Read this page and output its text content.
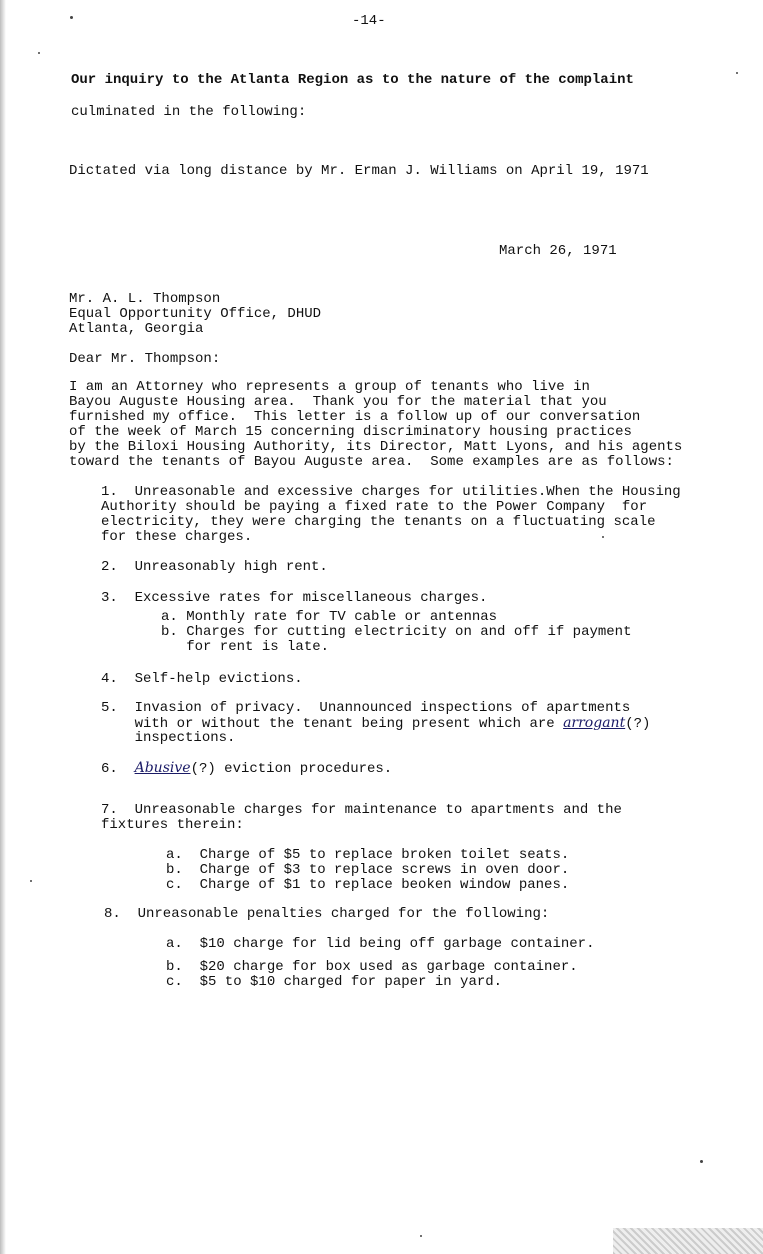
-14-
Our inquiry to the Atlanta Region as to the nature of the complaint
culminated in the following:
Dictated via long distance by Mr. Erman J. Williams on April 19, 1971
March 26, 1971
Mr. A. L. Thompson
Equal Opportunity Office, DHUD
Atlanta, Georgia
Dear Mr. Thompson:
I am an Attorney who represents a group of tenants who live in
Bayou Auguste Housing area.  Thank you for the material that you
furnished my office.  This letter is a follow up of our conversation
of the week of March 15 concerning discriminatory housing practices
by the Biloxi Housing Authority, its Director, Matt Lyons, and his agents
toward the tenants of Bayou Auguste area.  Some examples are as follows:
1.  Unreasonable and excessive charges for utilities.When the Housing
Authority should be paying a fixed rate to the Power Company  for
electricity, they were charging the tenants on a fluctuating scale
for these charges.
2.  Unreasonably high rent.
3.  Excessive rates for miscellaneous charges.
a. Monthly rate for TV cable or antennas
b. Charges for cutting electricity on and off if payment
for rent is late.
4.  Self-help evictions.
5.  Invasion of privacy.  Unannounced inspections of apartments
with or without the tenant being present which are arrogant(?)
inspections.
6.  Abusive(?) eviction procedures.
7.  Unreasonable charges for maintenance to apartments and the
fixtures therein:
a.  Charge of $5 to replace broken toilet seats.
b.  Charge of $3 to replace screws in oven door.
c.  Charge of $1 to replace beoken window panes.
8.  Unreasonable penalties charged for the following:
a.  $10 charge for lid being off garbage container.
b.  $20 charge for box used as garbage container.
c.  $5 to $10 charged for paper in yard.
